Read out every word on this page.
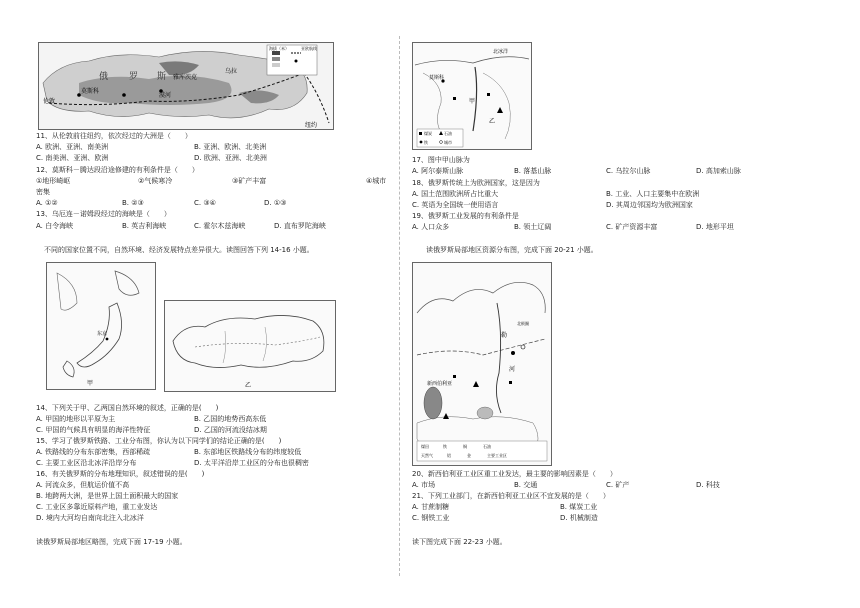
海拔（米）	亚欧航线
俄 罗 斯
莫斯科
雅库茨克
乌拉
伦敦
漠河
纽约
11、从伦敦前往纽约，依次经过的大洲是（　　）
A. 欧洲、亚洲、南美洲	B. 亚洲、欧洲、北美洲
C. 南美洲、亚洲、欧洲	D. 欧洲、亚洲、北美洲
12、莫斯科－腾达段沿途修建的有利条件是（　　）
①地形崎岖	②气候寒冷	③矿产丰富	④城市
密集
A. ①②	B. ②③	C. ③④	D. ①③
13、乌厄连－诺姆段经过的海峡是（　　）
A. 白令海峡	B. 英吉利海峡	C. 霍尔木兹海峡	D. 直布罗陀海峡
不同的国家位置不同，自然环境、经济发展特点差异很大。读图回答下列 14-16 小题。
东京
甲	乙
14、下列关于甲、乙两国自然环境的叙述，正确的是(　　)
A. 甲国的地形以平原为主	B. 乙国的地势西高东低
C. 甲国的气候具有明显的海洋性特征	D. 乙国的河流没结冰期
15、学习了俄罗斯铁路、工业分布图，你认为以下同学们的结论正确的是(　　)
A. 铁路线的分布东部密集，西部稀疏	B. 东部地区铁路线分布的纬度较低
C. 主要工业区沿北冰洋沿岸分布	D. 太平洋沿岸工业区的分布也很稠密
16、有关俄罗斯的分布地理知识，叙述错误的是(　　)
A. 河流众多，但航运价值不高
B. 地跨两大洲，是世界上国土面积最大的国家
C. 工业区多靠近原料产地，重工业发达
D. 境内大河均自南向北注入北冰洋
读俄罗斯局部地区略图，完成下面 17-19 小题。
北冰洋
莫斯科
甲
乙
煤炭	石油
铁	城市
17、图中甲山脉为
A. 阿尔泰斯山脉	B. 落基山脉	C. 乌拉尔山脉	D. 高加索山脉
18、俄罗斯传统上为欧洲国家，这是因为
A. 国土范围欧洲所占比重大	B. 工业、人口主要集中在欧洲
C. 英语为全国统一使用语言	D. 其周边邻国均为欧洲国家
19、俄罗斯工业发展的有利条件是
A. 人口众多	B. 领土辽阔	C. 矿产资源丰富	D. 地形平坦
读俄罗斯局部地区资源分布图，完成下面 20-21 小题。
勒
河
新西伯利亚
北极圈
煤田	铁	铜	石油
天然气	铝	金	主要工业区
20、新西伯利亚工业区重工业发达，最主要的影响因素是（　　）
A. 市场	B. 交通	C. 矿产	D. 科技
21、下列工业部门，在新西伯利亚工业区不宜发展的是（　　）
A. 甘蔗制糖	B. 煤炭工业
C. 钢铁工业	D. 机械制造
读下图完成下面 22-23 小题。
